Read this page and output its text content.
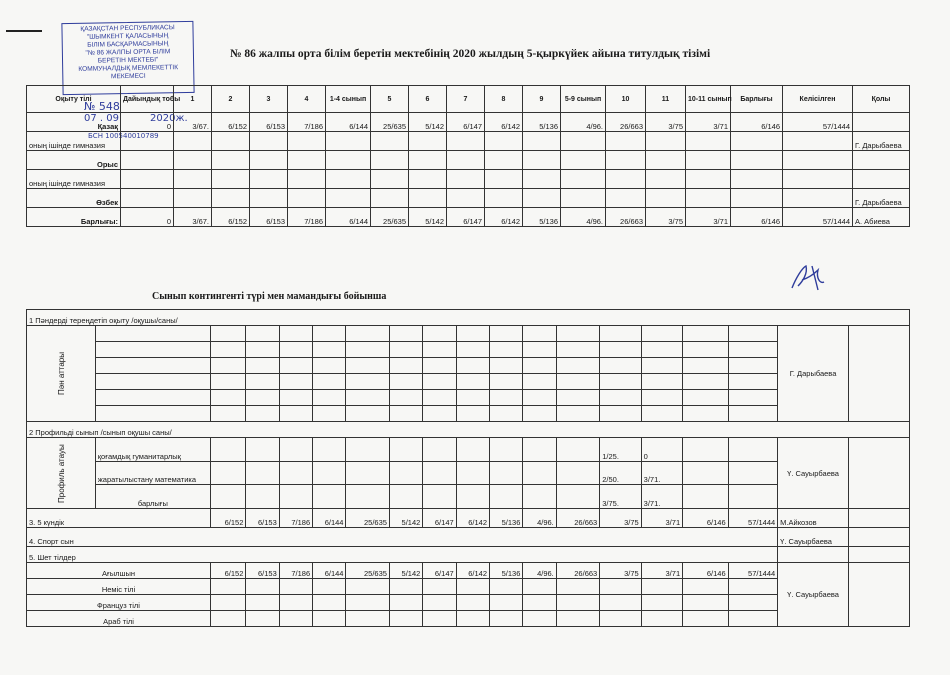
ҚАЗАҚСТАН РЕСПУБЛИКАСЫ
"ШЫМКЕНТ ҚАЛАСЫНЫҢ
БІЛІМ БАСҚАРМАСЫНЫҢ
"№ 86 ЖАЛПЫ ОРТА БІЛІМ
БЕРЕТІН МЕКТЕБІ"
КОММУНАЛДЫҚ МЕМЛЕКЕТТІК
МЕКЕМЕСІ
№ 548
07 . 09	2020ж.
БСН 100540010789
№ 86 жалпы орта білім беретін мектебінің 2020 жылдың 5-қыркүйек айына титулдық тізімі
Оқыту тілі	Дайындық тобы	1	2	3	4	1-4 сынып	5	6	7	8	9	5-9 сынып	10	11	10-11 сынып	Барлығы	Келісілген	Қолы	
Қазақ	0	3/67.	6/152	6/153	7/186	6/144	25/635	5/142	6/147	6/142	5/136	4/96.	26/663	3/75	3/71	6/146	57/1444		
оның ішінде гимназия																		Г. Дарыбаева	
Орыс																			
оның ішінде гимназия																			
Өзбек																		Г. Дарыбаева	
Барлығы:	0	3/67.	6/152	6/153	7/186	6/144	25/635	5/142	6/147	6/142	5/136	4/96.	26/663	3/75	3/71	6/146	57/1444	А. Абиева	
Сынып контингенті түрі мен мамандығы бойынша
1 Пәндерді тереңдетіп оқыту /оқушы/саны/																		
Пән аттары																	Г. Дарыбаева	

2 Профильді сынып /сынып оқушы саны/																		
Профиль атауы	қоғамдық гуманитарлық												1/25.	0			Ү. Сауырбаева	
	жаратылыстану математика												2/50.	3/71.				
	барлығы												3/75.	3/71.				
3. 5 күндік		6/152	6/153	7/186	6/144	25/635	5/142	6/147	6/142	5/136	4/96.	26/663	3/75	3/71	6/146	57/1444	М.Айкозов	
4. Спорт сын																	Ү. Сауырбаева	
5. Шет тілдер																		
Ағылшын		6/152	6/153	7/186	6/144	25/635	5/142	6/147	6/142	5/136	4/96.	26/663	3/75	3/71	6/146	57/1444	Ү. Сауырбаева	
Неміс тілі																		
Француз тілі																		
Араб тілі																		
